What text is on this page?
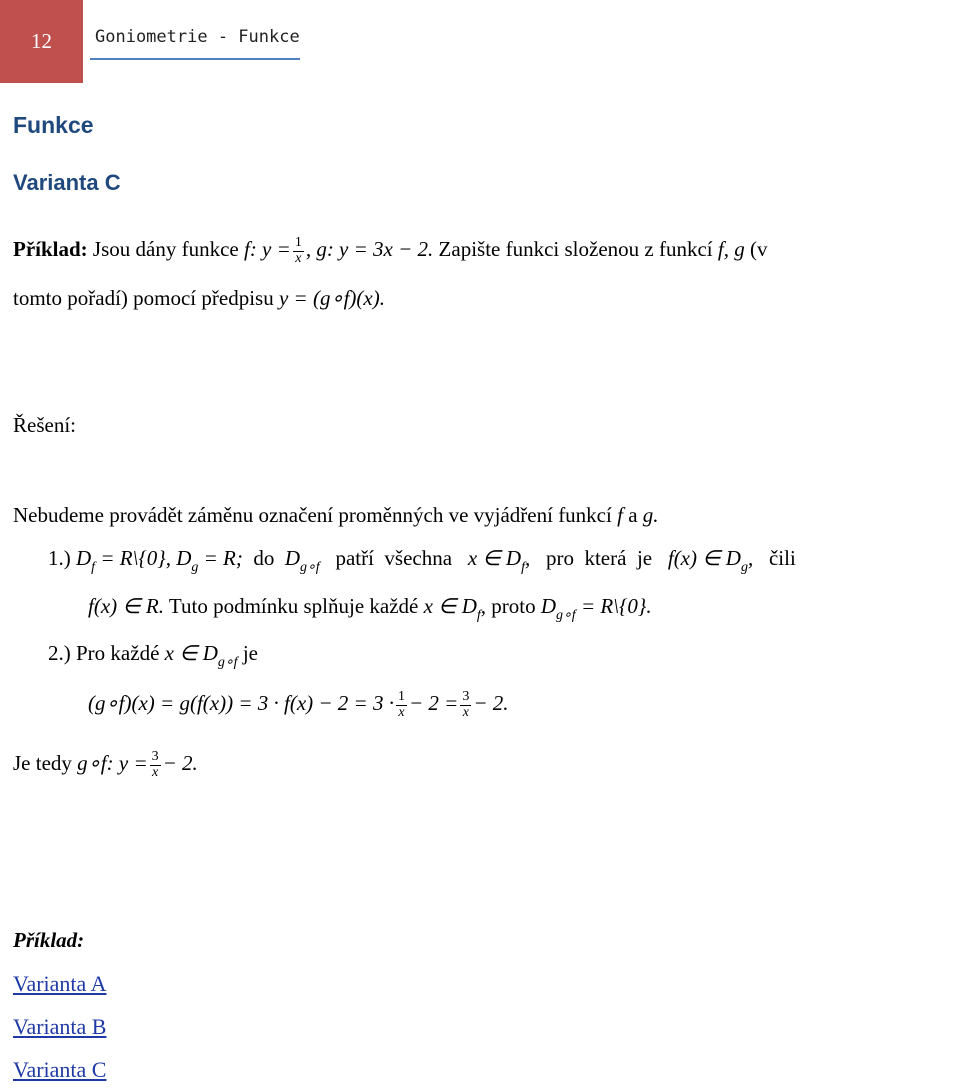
12	Goniometrie - Funkce
Funkce
Varianta C
Příklad: Jsou dány funkce f: $y = \frac{1}{x}$ , g: y = 3x − 2. Zapište funkci složenou z funkcí f, g (v
tomto pořadí) pomocí předpisu y = (g∘f)(x).
Řešení:
Nebudeme provádět záměnu označení proměnných ve vyjádření funkcí f a g.
1.) $D_f$ = R\{0}, $D_g = R$;  do  $D_{g\circ f}$   patří  všechna   x ∈ $D_f$,   pro  která  je   f(x) ∈ $D_g$,   čili
f(x) ∈ R. Tuto podmínku splňuje každé x ∈ $D_f$, proto $D_{g\circ f}$ = R\{0}.
2.) Pro každé x ∈ $D_{g\circ f}$ je
(g∘f)(x) = $g(f(x)) = 3 \cdot f(x) - 2 = 3 \cdot \frac{1}{x} - 2 = \frac{3}{x} - 2$.
Je tedy g∘f: $y = \frac{3}{x} - 2$.
Příklad:
Varianta A
Varianta B
Varianta C
